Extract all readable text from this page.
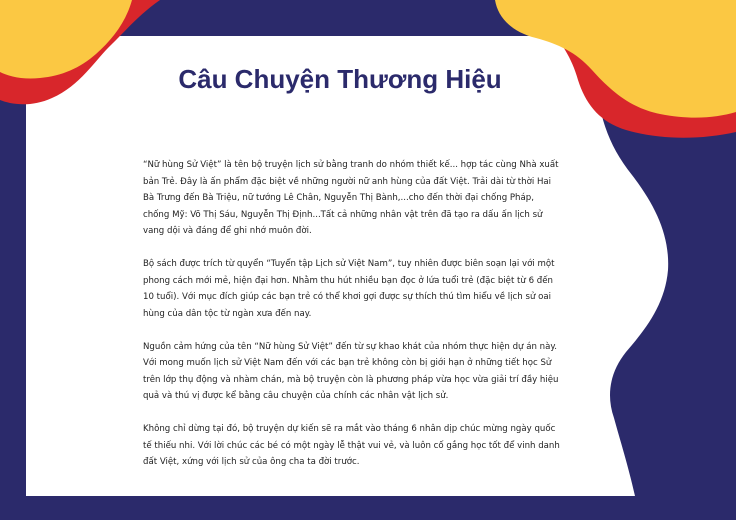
Câu Chuyện Thương Hiệu

“Nữ hùng Sử Việt” là tên bộ truyện lịch sử bằng tranh do nhóm thiết kế... hợp tác cùng Nhà xuất bản Trẻ. Đây là ấn phẩm đặc biệt về những người nữ anh hùng của đất Việt. Trải dài từ thời Hai Bà Trưng đến Bà Triệu, nữ tướng Lê Chân, Nguyễn Thị Bành,...cho đến thời đại chống Pháp, chống Mỹ: Võ Thị Sáu, Nguyễn Thị Định...Tất cả những nhân vật trên đã tạo ra dấu ấn lịch sử vang dội và đáng để ghi nhớ muôn đời.

Bộ sách được trích từ quyển “Tuyển tập Lịch sử Việt Nam”, tuy nhiên được biên soạn lại với một phong cách mới mẻ, hiện đại hơn. Nhằm thu hút nhiều bạn đọc ở lứa tuổi trẻ (đặc biệt từ 6 đến 10 tuổi). Với mục đích giúp các bạn trẻ có thể khơi gợi được sự thích thú tìm hiểu về lịch sử oai hùng của dân tộc từ ngàn xưa đến nay.

Nguồn cảm hứng của tên “Nữ hùng Sử Việt” đến từ sự khao khát của nhóm thực hiện dự án này. Với mong muốn lịch sử Việt Nam đến với các bạn trẻ không còn bị giới hạn ở những tiết học Sử trên lớp thụ động và nhàm chán, mà bộ truyện còn là phương pháp vừa học vừa giải trí đầy hiệu quả và thú vị được kể bằng câu chuyện của chính các nhân vật lịch sử.

Không chỉ dừng tại đó, bộ truyện dự kiến sẽ ra mắt vào tháng 6 nhân dịp chúc mừng ngày quốc tế thiếu nhi. Với lời chúc các bé có một ngày lễ thật vui vẻ, và luôn cố gắng học tốt để vinh danh đất Việt, xứng với lịch sử của ông cha ta đời trước.

- 8 -
